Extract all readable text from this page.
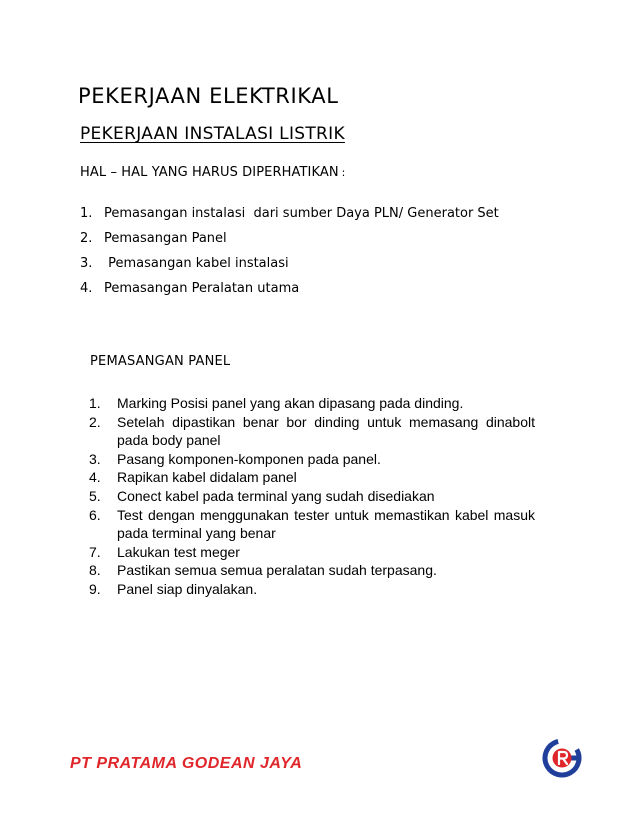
PEKERJAAN ELEKTRIKAL
PEKERJAAN INSTALASI LISTRIK
HAL – HAL YANG HARUS DIPERHATIKAN :
1. Pemasangan instalasi  dari sumber Daya PLN/ Generator Set
2. Pemasangan Panel
3. Pemasangan kabel instalasi
4. Pemasangan Peralatan utama
PEMASANGAN PANEL
1. Marking Posisi panel yang akan dipasang pada dinding.
2. Setelah dipastikan benar bor dinding untuk memasang dinabolt pada body panel
3. Pasang komponen-komponen pada panel.
4. Rapikan kabel didalam panel
5. Conect kabel pada terminal yang sudah disediakan
6. Test dengan menggunakan tester untuk memastikan kabel masuk pada terminal yang benar
7. Lakukan test meger
8. Pastikan semua semua peralatan sudah terpasang.
9. Panel siap dinyalakan.

PT PRATAMA GODEAN JAYA
